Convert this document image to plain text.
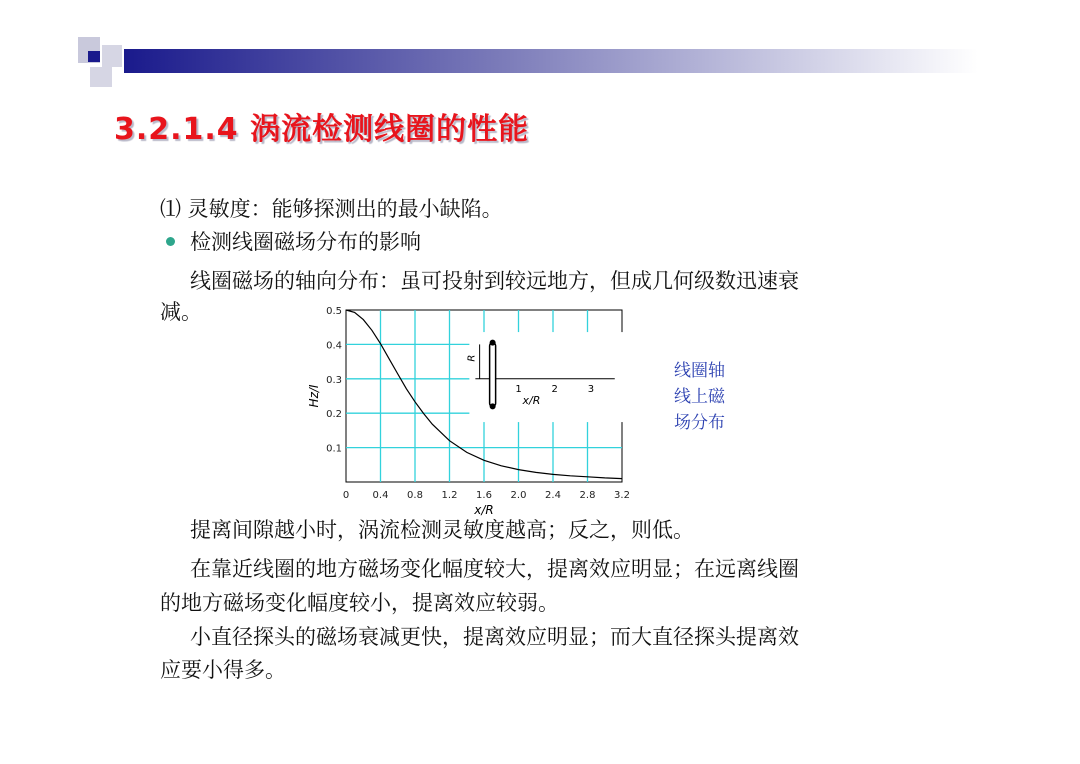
3.2.1.4 涡流检测线圈的性能
⑴ 灵敏度：能够探测出的最小缺陷。
检测线圈磁场分布的影响
线圈磁场的轴向分布：虽可投射到较远地方，但成几何级数迅速衰
减。
0 0.4 0.8 1.2 1.6 2.0 2.4 2.8 3.2
0.1
0.2
0.3
0.4
0.5
R
1	2	3
x/R
x/R
Hz/I
线圈轴
线上磁
场分布
提离间隙越小时，涡流检测灵敏度越高；反之，则低。
在靠近线圈的地方磁场变化幅度较大，提离效应明显；在远离线圈
的地方磁场变化幅度较小，提离效应较弱。
小直径探头的磁场衰减更快，提离效应明显；而大直径探头提离效
应要小得多。
